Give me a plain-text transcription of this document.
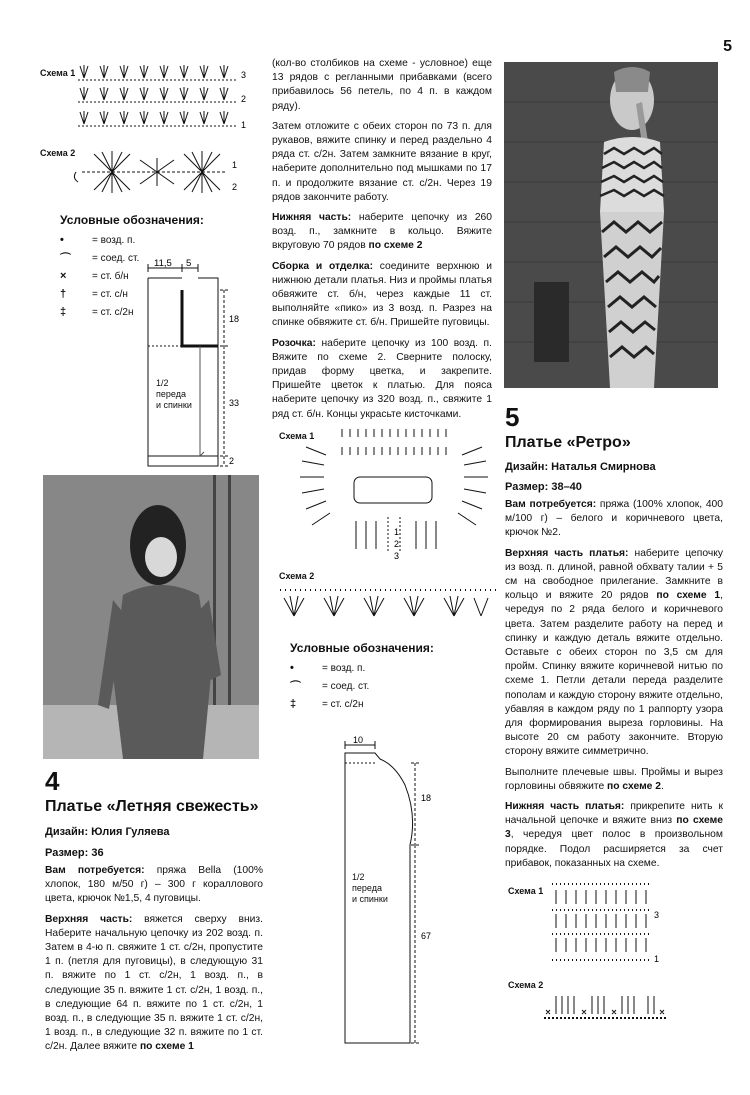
5
Схема 1	3
2
1
Схема 2
1
2
Условные обозначения:
•	= возд. п.
⌒	= соед. ст.
×	= ст. б/н
†	= ст. с/н
‡	= ст. с/2н
11,5 5
18
33
2
1/2
переда
и спинки
4
Платье «Летняя свежесть»
Дизайн: Юлия Гуляева
Размер: 36

Вам потребуется: пряжа Bella (100% хлопок, 180 м/50 г) – 300 г кораллового цвета, крючок №1,5, 4 пуговицы.

Верхняя часть: вяжется сверху вниз. Наберите начальную цепочку из 202 возд. п. Затем в 4-ю п. свяжите 1 ст. с/2н, пропустите 1 п. (петля для пуговицы), в следующую 31 п. вяжите по 1 ст. с/2н, 1 возд. п., в следующие 35 п. вяжите 1 ст. с/2н, 1 возд. п., в следующие 64 п. вяжите по 1 ст. с/2н, 1 возд. п., в следующие 35 п. вяжите 1 ст. с/2н, 1 возд. п., в следующие 32 п. вяжите по 1 ст. с/2н. Далее вяжите по схеме 1

(кол-во столбиков на схеме - условное) еще 13 рядов с регланными прибавками (всего прибавилось 56 петель, по 4 п. в каждом ряду).

Затем отложите с обеих сторон по 73 п. для рукавов, вяжите спинку и перед раздельно 4 ряда ст. с/2н. Затем замкните вязание в круг, наберите дополнительно под мышками по 17 п. и продолжите вязание ст. с/2н. Через 19 рядов закончите работу.

Нижняя часть: наберите цепочку из 260 возд. п., замкните в кольцо. Вяжите вкруговую 70 рядов по схеме 2

Сборка и отделка: соедините верхнюю и нижнюю детали платья. Низ и проймы платья обвяжите ст. б/н, через каждые 11 ст. выполняйте «пико» из 3 возд. п. Разрез на спинке обвяжите ст. б/н. Пришейте пуговицы.

Розочка: наберите цепочку из 100 возд. п. Вяжите по схеме 2. Сверните полоску, придав форму цветка, и закрепите. Пришейте цветок к платью. Для пояса наберите цепочку из 320 возд. п., свяжите 1 ряд ст. б/н. Концы украсьте кисточками.

Схема 1
1
2
3
Схема 2
Условные обозначения:
•	= возд. п.
⌒	= соед. ст.
‡	= ст. с/2н
10
18
67
1/2
переда
и спинки
5
Платье «Ретро»
Дизайн: Наталья Смирнова
Размер: 38–40

Вам потребуется: пряжа (100% хлопок, 400 м/100 г) – белого и коричневого цвета, крючок №2.

Верхняя часть платья: наберите цепочку из возд. п. длиной, равной обхвату талии + 5 см на свободное прилегание. Замкните в кольцо и вяжите 20 рядов по схеме 1, чередуя по 2 ряда белого и коричневого цвета. Затем разделите работу на перед и спинку и каждую деталь вяжите отдельно. Оставьте с обеих сторон по 3,5 см для пройм. Спинку вяжите коричневой нитью по схеме 1. Петли детали переда разделите пополам и каждую сторону вяжите отдельно, убавляя в каждом ряду по 1 раппорту узора для формирования выреза горловины. На высоте 20 см работу закончите. Вторую сторону вяжите симметрично.

Выполните плечевые швы. Проймы и вырез горловины обвяжите по схеме 2.

Нижняя часть платья: прикрепите нить к начальной цепочке и вяжите вниз по схеме 3, чередуя цвет полос в произвольном порядке. Подол расширяется за счет прибавок, показанных на схеме.

Схема 1
3
1
Схема 2
